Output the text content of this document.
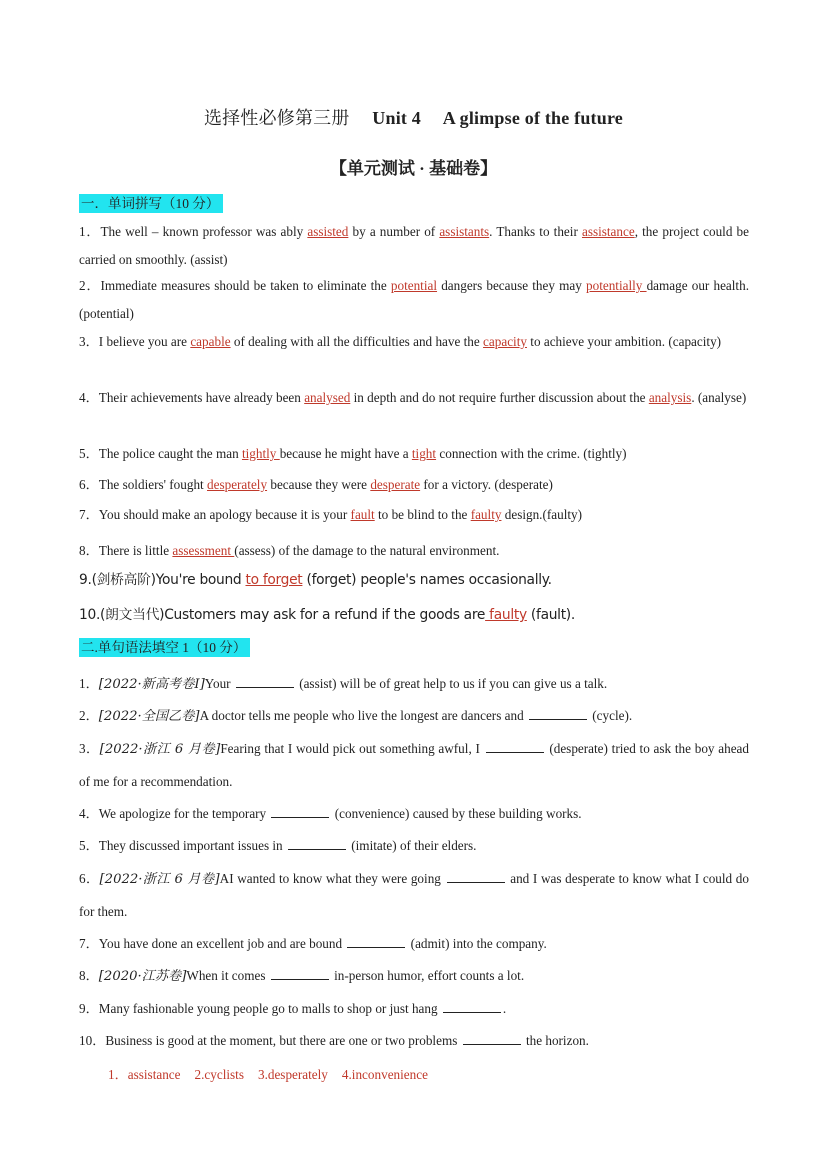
选择性必修第三册 Unit 4 A glimpse of the future
【单元测试 · 基础卷】
一．单词拼写（10 分）
1．The well – known professor was ably assisted by a number of assistants. Thanks to their assistance, the project could be carried on smoothly. (assist)
2．Immediate measures should be taken to eliminate the potential dangers because they may potentially damage our health. (potential)
3．I believe you are capable of dealing with all the difficulties and have the capacity to achieve your ambition. (capacity)
4．Their achievements have already been analysed in depth and do not require further discussion about the analysis. (analyse)
5．The police caught the man tightly because he might have a tight connection with the crime. (tightly)
6．The soldiers' fought desperately because they were desperate for a victory. (desperate)
7．You should make an apology because it is your fault to be blind to the faulty design.(faulty)
8．There is little assessment (assess) of the damage to the natural environment.
9.(剑桥高阶)You're bound to forget (forget) people's names occasionally.
10.(朗文当代)Customers may ask for a refund if the goods are faulty (fault).
二.单句语法填空 1（10 分）
1．[2022·新高考卷I]Your	(assist) will be of great help to us if you can give us a talk.
2．[2022·全国乙卷]A doctor tells me people who live the longest are dancers and	(cycle).
3．[2022·浙江 6 月卷]Fearing that I would pick out something awful, I	(desperate) tried to ask the boy ahead of me for a recommendation.
4．We apologize for the temporary	(convenience) caused by these building works.
5．They discussed important issues in	(imitate) of their elders.
6．[2022·浙江 6 月卷]AI wanted to know what they were going	and I was desperate to know what I could do for them.
7．You have done an excellent job and are bound	(admit) into the company.
8．[2020·江苏卷]When it comes	in-person humor, effort counts a lot.
9．Many fashionable young people go to malls to shop or just hang	.
10．Business is good at the moment, but there are one or two problems	the horizon.
1．assistance 2.cyclists 3.desperately 4.inconvenience
